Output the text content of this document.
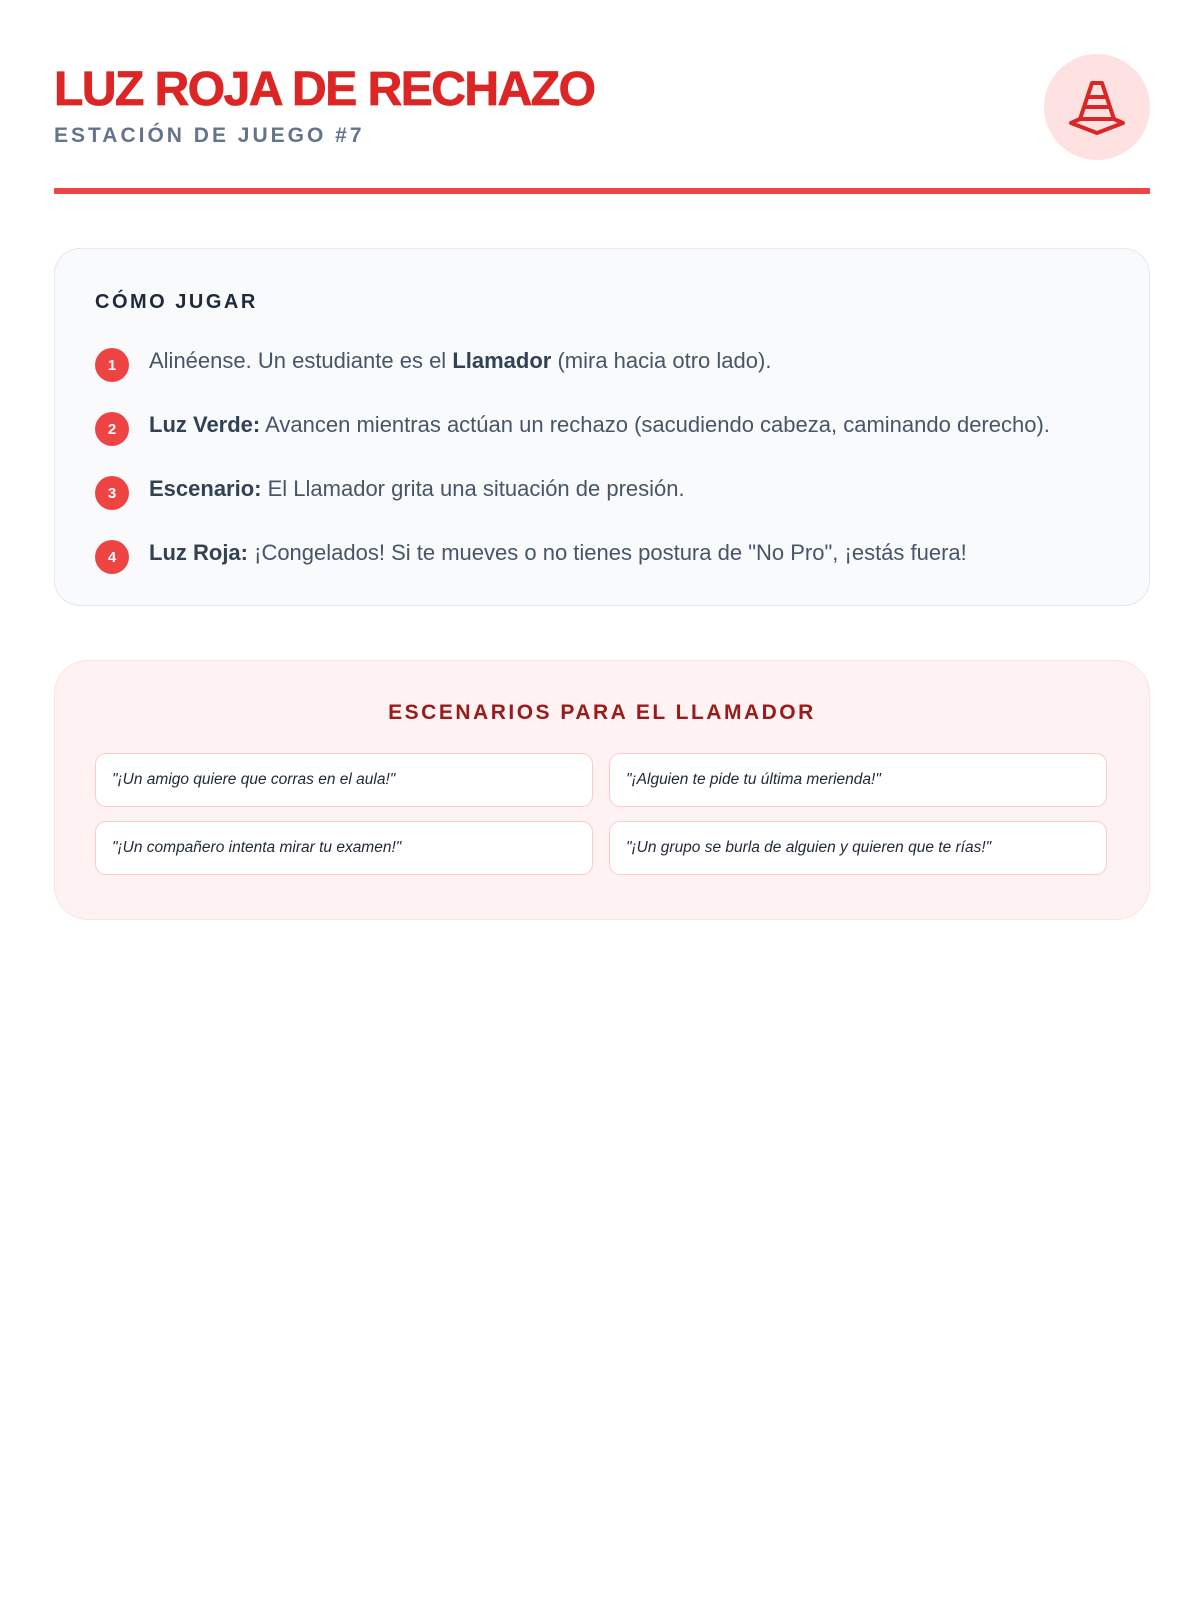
LUZ ROJA DE RECHAZO
ESTACIÓN DE JUEGO #7
CÓMO JUGAR
1	Alinéense. Un estudiante es el Llamador (mira hacia otro lado).
2	Luz Verde: Avancen mientras actúan un rechazo (sacudiendo cabeza, caminando derecho).
3	Escenario: El Llamador grita una situación de presión.
4	Luz Roja: ¡Congelados! Si te mueves o no tienes postura de "No Pro", ¡estás fuera!
ESCENARIOS PARA EL LLAMADOR
"¡Un amigo quiere que corras en el aula!"	"¡Alguien te pide tu última merienda!"
"¡Un compañero intenta mirar tu examen!"	"¡Un grupo se burla de alguien y quieren que te rías!"
